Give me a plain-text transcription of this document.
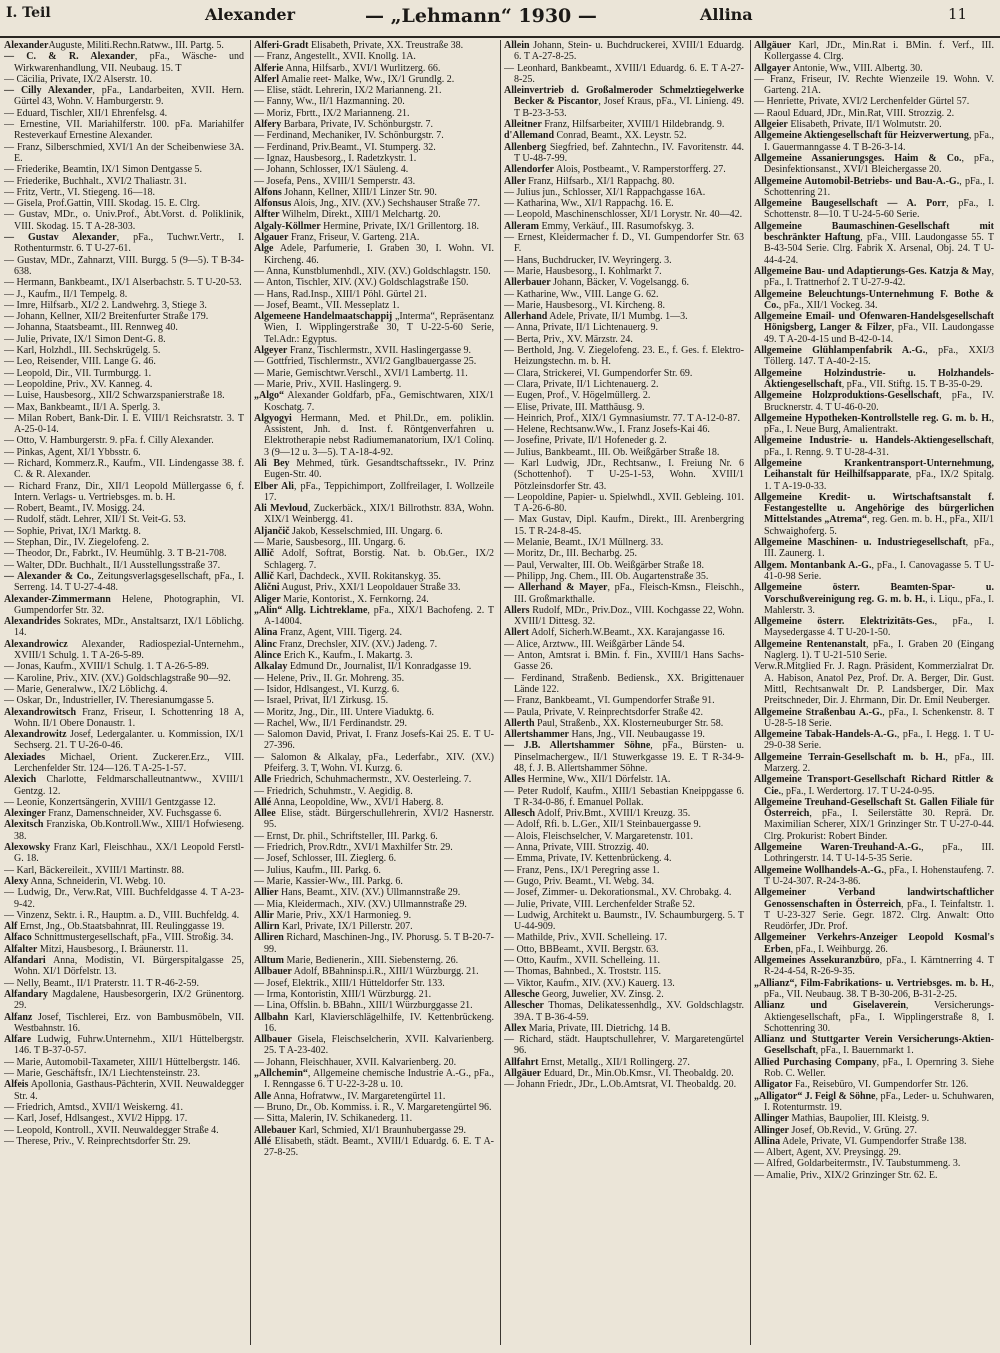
I. Teil	Alexander	— „Lehmann“ 1930 —	Allina	11

AlexanderAuguste, Militi.Rechn.Ratww., III. Partg. 5.

— C. & R. Alexander, pFa., Wäsche- und Wirkwarenhandlung, VII. Neubaug. 15. T

— Cäcilia, Private, IX/2 Alserstr. 10.

— Cilly Alexander, pFa., Landarbeiten, XVII. Hern. Gürtel 43, Wohn. V. Hamburgerstr. 9.

— Eduard, Tischler, XII/1 Ehrenfelsg. 4.

— Ernestine, VII. Mariahilferstr. 100. pFa. Mariahilfer Resteverkauf Ernestine Alexander.

— Franz, Silberschmied, XVI/1 An der Scheibenwiese 3A. E.

— Friederike, Beamtin, IX/1 Simon Dentgasse 5.

— Friederike, Buchhalt., XVI/2 Thaliastr. 31.

— Fritz, Vertr., VI. Stiegeng. 16—18.

— Gisela, Prof.Gattin, VIII. Skodag. 15. E. Clrg.

— Gustav, MDr., o. Univ.Prof., Abt.Vorst. d. Poliklinik, VIII. Skodag. 15. T A-28-303.

— Gustav Alexander, pFa., Tuchwr.Vertr., I. Rothenturmstr. 6. T U-27-61.

— Gustav, MDr., Zahnarzt, VIII. Burgg. 5 (9—5). T B-34-638.

— Hermann, Bankbeamt., IX/1 Alserbachstr. 5. T U-20-53.

— J., Kaufm., II/1 Tempelg. 8.

— Imre, Hilfsarb., XI/2 2. Landwehrg. 3, Stiege 3.

— Johann, Kellner, XII/2 Breitenfurter Straße 179.

— Johanna, Staatsbeamt., III. Rennweg 40.

— Julie, Private, IX/1 Simon Dent-G. 8.

— Karl, Holzhdl., III. Sechskrügelg. 5.

— Leo, Reisender, VIII. Lange G. 46.

— Leopold, Dir., VII. Turmburgg. 1.

— Leopoldine, Priv., XV. Kanneg. 4.

— Luise, Hausbesorg., XII/2 Schwarzspanierstraße 18.

— Max, Bankbeamt., II/1 A. Sperlg. 3.

— Milan Robert, Bank-Dir. I. E. VIII/1 Reichsratstr. 3. T A-25-0-14.

— Otto, V. Hamburgerstr. 9. pFa. f. Cilly Alexander.

— Pinkas, Agent, XI/1 Ybbsstr. 6.

— Richard, Kommerz.R., Kaufm., VII. Lindengasse 38. f. C. & R. Alexander.

— Richard Franz, Dir., XII/1 Leopold Müllergasse 6, f. Intern. Verlags- u. Vertriebsges. m. b. H.

— Robert, Beamt., IV. Mosigg. 24.

— Rudolf, städt. Lehrer, XII/1 St. Veit-G. 53.

— Sophie, Privat, IX/1 Marktg. 8.

— Stephan, Dir., IV. Ziegelofeng. 2.

— Theodor, Dr., Fabrkt., IV. Heumühlg. 3. T B-21-708.

— Walter, DDr. Buchhalt., II/1 Ausstellungsstraße 37.

— Alexander & Co., Zeitungsverlagsgesellschaft, pFa., I. Serreng. 14. T U-27-4-48.

Alexander-Zimmermann Helene, Photographin, VI. Gumpendorfer Str. 32.

Alexandrides Sokrates, MDr., Anstaltsarzt, IX/1 Löblichg. 14.

Alexandrowicz Alexander, Radiospezial-Unternehm., XVIII/1 Schulg. 1. T A-26-5-89.

— Jonas, Kaufm., XVIII/1 Schulg. 1. T A-26-5-89.

— Karoline, Priv., XIV. (XV.) Goldschlagstraße 90—92.

— Marie, Generalww., IX/2 Löblichg. 4.

— Oskar, Dr., Industrieller, IV. Theresianumgasse 5.

Alexandrowitsch Franz, Friseur, I. Schottenring 18 A, Wohn. II/1 Obere Donaustr. 1.

Alexandrowitz Josef, Ledergalanter. u. Kommission, IX/1 Sechserg. 21. T U-26-0-46.

Alexiades Michael, Orient. Zuckerer.Erz., VIII. Lerchenfelder Str. 124—126. T A-25-1-57.

Alexich Charlotte, Feldmarschalleutnantww., XVIII/1 Gentzg. 12.

— Leonie, Konzertsängerin, XVIII/1 Gentzgasse 12.

Alexinger Franz, Damenschneider, XV. Fuchsgasse 6.

Alexitsch Franziska, Ob.Kontroll.Ww., XIII/1 Hofwieseng. 38.

Alexowsky Franz Karl, Fleischhau., XX/1 Leopold Ferstl-G. 18.

— Karl, Bäckereileit., XVIII/1 Martinstr. 88.

Alexy Anna, Schneiderin, VI. Webg. 10.

— Ludwig, Dr., Verw.Rat, VIII. Buchfeldgasse 4. T A-23-9-42.

— Vinzenz, Sektr. i. R., Hauptm. a. D., VIII. Buchfeldg. 4.

Alf Ernst, Jng., Ob.Staatsbahnrat, III. Reulinggasse 19.

Alfaco Schnittmustergesellschaft, pFa., VIII. Stroßig. 34.

Alfalter Mitzi, Hausbesorg., I. Bräunerstr. 11.

Alfandari Anna, Modistin, VI. Bürgerspitalgasse 25, Wohn. XI/1 Dörfelstr. 13.

— Nelly, Beamt., II/1 Praterstr. 11. T R-46-2-59.

Alfandary Magdalene, Hausbesorgerin, IX/2 Grünentorg. 29.

Alfanz Josef, Tischlerei, Erz. von Bambusmöbeln, VII. Westbahnstr. 16.

Alfare Ludwig, Fuhrw.Unternehm., XII/1 Hüttelbergstr. 146. T B-37-0-57.

— Marie, Automobil-Taxameter, XIII/1 Hüttelbergstr. 146.

— Marie, Geschäftsfr., IX/1 Liechtensteinstr. 23.

Alfeis Apollonia, Gasthaus-Pächterin, XVII. Neuwaldegger Str. 4.

— Friedrich, Amtsd., XVII/1 Weiskerng. 41.

— Karl, Josef, Hdlsangest., XVI/2 Hippg. 17.

— Leopold, Kontroll., XVII. Neuwaldegger Straße 4.

— Therese, Priv., V. Reinprechtsdorfer Str. 29.

Alferi-Gradt Elisabeth, Private, XX. Treustraße 38.

— Franz, Angestellt., XVII. Knollg. 1A.

Alferie Anna, Hilfsarb., XVI/1 Wurlitzerg. 66.

Alferl Amalie reet- Malke, Ww., IX/1 Grundlg. 2.

— Elise, städt. Lehrerin, IX/2 Marianneng. 21.

— Fanny, Ww., II/1 Hazmanning. 20.

— Moriz, Fbrtt., IX/2 Marianneng. 21.

Alfery Barbara, Private, IV. Schönburgstr. 7.

— Ferdinand, Mechaniker, IV. Schönburgstr. 7.

— Ferdinand, Priv.Beamt., VI. Stumperg. 32.

— Ignaz, Hausbesorg., I. Radetzkystr. 1.

— Johann, Schlosser, IX/1 Säuleng. 4.

— Josefa, Pens., XVIII/1 Semperstr. 43.

Alfons Johann, Kellner, XIII/1 Linzer Str. 90.

Alfonsus Alois, Jng., XIV. (XV.) Sechshauser Straße 77.

Alfter Wilhelm, Direkt., XIII/1 Melchartg. 20.

Algaly-Köllmer Hermine, Private, IX/1 Grillentorg. 18.

Algauer Franz, Friseur, V. Garteng. 21A.

Alge Adele, Parfumerie, I. Graben 30, I. Wohn. VI. Kircheng. 46.

— Anna, Kunstblumenhdl., XIV. (XV.) Goldschlagstr. 150.

— Anton, Tischler, XIV. (XV.) Goldschlagstraße 150.

— Hans, Rad.Insp., XIII/1 Pöhl. Gürtel 21.

— Josef, Beamt., VII. Messeplatz 1.

Algemeene Handelmaatschappij „Interma“, Repräsentanz Wien, I. Wipplingerstraße 30, T U-22-5-60 Serie, Tel.Adr.: Egyptus.

Algeyer Franz, Tischlermstr., XVII. Haslingergasse 9.

— Gottfried, Tischlermstr., XVI/2 Ganglbauergasse 25.

— Marie, Gemischtwr.Verschl., XVI/1 Lambertg. 11.

— Marie, Priv., XVII. Haslingerg. 9.

„Algo“ Alexander Goldfarb, pFa., Gemischtwaren, XIX/1 Koschatg. 7.

Algyogyi Hermann, Med. et Phil.Dr., em. poliklin. Assistent, Jnh. d. Inst. f. Röntgenverfahren u. Elektrotherapie nebst Radiumemanatorium, IX/1 Colinq. 3 (9—12 u. 3—5). T A-18-4-92.

Ali Bey Mehmed, türk. Gesandtschaftssekr., IV. Prinz Eugen-Str. 40.

Elber Ali, pFa., Teppichimport, Zollfreilager, I. Wollzeile 17.

Ali Mevloud, Zuckerbäck., XIX/1 Billrothstr. 83A, Wohn. XIX/1 Weinbergg. 41.

Aljančič Jakob, Kesselschmied, III. Ungarg. 6.

— Marie, Sausbesorg., III. Ungarg. 6.

Allič Adolf, Softrat, Borstig. Nat. b. Ob.Ger., IX/2 Schlagerg. 7.

Allič Karl, Dachdeck., XVII. Rokitanskyg. 35.

Alični August, Priv., XXI/1 Leopoldauer Straße 33.

Aliger Marie, Kontorist., X. Fernkorng. 24.

„Alin“ Allg. Lichtreklame, pFa., XIX/1 Bachofeng. 2. T A-14004.

Alina Franz, Agent, VIII. Tigerg. 24.

Alinc Franz, Drechsler, XIV. (XV.) Jadeng. 7.

Alince Erich K., Kaufm., I. Makartg. 3.

Alkalay Edmund Dr., Journalist, II/1 Konradgasse 19.

— Helene, Priv., II. Gr. Mohreng. 35.

— Isidor, Hdlsangest., VI. Kurzg. 6.

— Israel, Privat, II/1 Zirkusg. 15.

— Moritz, Jng., Dir., III. Untere Viaduktg. 6.

— Rachel, Ww., II/1 Ferdinandstr. 29.

— Salomon David, Privat, I. Franz Josefs-Kai 25. E. T U-27-396.

— Salomon & Alkalay, pFa., Lederfabr., XIV. (XV.) Pfeiferg. 3. T, Wohn. VI. Kurzg. 6.

Alle Friedrich, Schuhmachermstr., XV. Oesterleing. 7.

— Friedrich, Schuhmstr., V. Aegidig. 8.

Allé Anna, Leopoldine, Ww., XVI/1 Haberg. 8.

Allee Elise, städt. Bürgerschullehrerin, XVI/2 Hasnerstr. 95.

— Ernst, Dr. phil., Schriftsteller, III. Parkg. 6.

— Friedrich, Prov.Rdtr., XVI/1 Maxhilfer Str. 29.

— Josef, Schlosser, III. Zieglerg. 6.

— Julius, Kaufm., III. Parkg. 6.

— Marie, Kassier-Ww., III. Parkg. 6.

Allier Hans, Beamt., XIV. (XV.) Ullmannstraße 29.

— Mia, Kleidermach., XIV. (XV.) Ullmannstraße 29.

Allir Marie, Priv., XX/1 Harmonieg. 9.

Allirn Karl, Private, IX/1 Pillerstr. 207.

Alliren Richard, Maschinen-Jng., IV. Phorusg. 5. T B-20-7-99.

Alltum Marie, Bedienerin., XIII. Siebensterng. 26.

Allbauer Adolf, BBahninsp.i.R., XIII/1 Würzburgg. 21.

— Josef, Elektrik., XIII/1 Hütteldorfer Str. 133.

— Irma, Kontoristin, XIII/1 Würzburgg. 21.

— Lina, Offslin. b. BBahn., XIII/1 Würzburggasse 21.

Allbahn Karl, Klavierschlägelhilfe, IV. Kettenbrückeng. 16.

Allbauer Gisela, Fleischselcherin, XVII. Kalvarienberg. 25. T A-23-402.

— Johann, Fleischhauer, XVII. Kalvarienberg. 20.

„Allchemin“, Allgemeine chemische Industrie A.-G., pFa., I. Renngasse 6. T U-22-3-28 u. 10.

Alle Anna, Hofratww., IV. Margaretengürtel 11.

— Bruno, Dr., Ob. Kommiss. i. R., V. Margaretengürtel 96.

— Sitta, Malerin, IV. Schikanederg. 11.

Allebauer Karl, Schmied, XI/1 Braunhubergasse 29.

Allé Elisabeth, städt. Beamt., XVIII/1 Eduardg. 6. E. T A-27-8-25.

Allein Johann, Stein- u. Buchdruckerei, XVIII/1 Eduardg. 6. T A-27-8-25.

— Leonhard, Bankbeamt., XVIII/1 Eduardg. 6. E. T A-27-8-25.

Alleinvertrieb d. Großalmeroder Schmelztiegelwerke Becker & Piscantor, Josef Kraus, pFa., VI. Linieng. 49. T B-23-3-53.

Alleitner Franz, Hilfsarbeiter, XVIII/1 Hildebrandg. 9.

d'Allemand Conrad, Beamt., XX. Leystr. 52.

Allenberg Siegfried, bef. Zahntechn., IV. Favoritenstr. 44. T U-48-7-99.

Allendorfer Alois, Postbeamt., V. Ramperstorfferg. 27.

Aller Franz, Hilfsarb., XI/1 Rappachg. 80.

— Julius jun., Schlosser, XI/1 Rappachgasse 16A.

— Katharina, Ww., XI/1 Rappachg. 16. E.

— Leopold, Maschinenschlosser, XI/1 Lorystr. Nr. 40—42.

Alleram Emmy, Verkäuf., III. Rasumofskyg. 3.

— Ernest, Kleidermacher f. D., VI. Gumpendorfer Str. 63 F.

— Hans, Buchdrucker, IV. Weyringerg. 3.

— Marie, Hausbesorg., I. Kohlmarkt 7.

Allerbauer Johann, Bäcker, V. Vogelsangg. 6.

— Katharine, Ww., VIII. Lange G. 62.

— Marie, Hausbesorg., VI. Kircheng. 8.

Allerhand Adele, Private, II/1 Mumbg. 1—3.

— Anna, Private, II/1 Lichtenauerg. 9.

— Berta, Priv., XV. Märzstr. 24.

— Berthold, Jng. V. Ziegelofeng. 23. E., f. Ges. f. Elektro-Heizungstechn. m. b. H.

— Clara, Strickerei, VI. Gumpendorfer Str. 69.

— Clara, Private, II/1 Lichtenauerg. 2.

— Eugen, Prof., V. Högelmüllerg. 2.

— Elise, Private, III. Matthäusg. 9.

— Heinrich, Prof., XIX/1 Gymnasiumstr. 77. T A-12-0-87.

— Helene, Rechtsanw.Ww., I. Franz Josefs-Kai 46.

— Josefine, Private, II/1 Hofeneder g. 2.

— Julius, Bankbeamt., III. Ob. Weißgärber Straße 18.

— Karl Ludwig, JDr., Rechtsanw., I. Freiung Nr. 6 (Schottenhof). T U-25-1-53, Wohn. XVIII/1 Pötzleinsdorfer Str. 43.

— Leopoldine, Papier- u. Spielwhdl., XVII. Gebleing. 101. T A-26-6-80.

— Max Gustav, Dipl. Kaufm., Direkt., III. Arenbergring 15. T R-24-8-45.

— Melanie, Beamt., IX/1 Müllnerg. 33.

— Moritz, Dr., III. Becharbg. 25.

— Paul, Verwalter, III. Ob. Weißgärber Straße 18.

— Philipp, Jng. Chem., III. Ob. Augartenstraße 35.

— Allerhand & Mayer, pFa., Fleisch-Kmsn., Fleischh., III. Großmarkthalle.

Allers Rudolf, MDr., Priv.Doz., VIII. Kochgasse 22, Wohn. XVIII/1 Dittesg. 32.

Allert Adolf, Sicherh.W.Beamt., XX. Karajangasse 16.

— Alice, Arztww., III. Weißgärber Lände 54.

— Anton, Amtsrat i. BMin. f. Fin., XVIII/1 Hans Sachs-Gasse 26.

— Ferdinand, Straßenb. Bediensk., XX. Brigittenauer Lände 122.

— Franz, Bankbeamt., VI. Gumpendorfer Straße 91.

— Paula, Private, V. Reinprechtsdorfer Straße 42.

Allerth Paul, Straßenb., XX. Klosterneuburger Str. 58.

Allertshammer Hans, Jng., VII. Neubaugasse 19.

— J.B. Allertshammer Söhne, pFa., Bürsten- u. Pinselmachergew., II/1 Stuwerkgasse 19. E. T R-34-9-48, f. J. B. Allertshammer Söhne.

Alles Hermine, Ww., XII/1 Dörfelstr. 1A.

— Peter Rudolf, Kaufm., XIII/1 Sebastian Kneippgasse 6. T R-34-0-86, f. Emanuel Pollak.

Allesch Adolf, Priv.Bmt., XVIII/1 Kreuzg. 35.

— Adolf, Rfi. b. L.Ger., XII/1 Steinbauergasse 9.

— Alois, Fleischselcher, V. Margaretenstr. 101.

— Anna, Private, VIII. Strozzig. 40.

— Emma, Private, IV. Kettenbrückeng. 4.

— Franz, Pens., IX/1 Peregring asse 1.

— Gugo, Priv. Beamt., VI. Webg. 34.

— Josef, Zimmer- u. Dekorationsmal., XV. Chrobakg. 4.

— Julie, Private, VIII. Lerchenfelder Straße 52.

— Ludwig, Architekt u. Baumstr., IV. Schaumburgerg. 5. T U-44-909.

— Mathilde, Priv., XVII. Schelleing. 17.

— Otto, BBBeamt., XVII. Bergstr. 63.

— Otto, Kaufm., XVII. Schelleing. 11.

— Thomas, Bahnbed., X. Troststr. 115.

— Viktor, Kaufm., XIV. (XV.) Kauerg. 13.

Allesche Georg, Juwelier, XV. Zinsg. 2.

Allescher Thomas, Delikatessenhdlg., XV. Goldschlagstr. 39A. T B-36-4-59.

Allex Maria, Private, III. Dietrichg. 14 B.

— Richard, städt. Hauptschullehrer, V. Margaretengürtel 96.

Allfahrt Ernst, Metallg., XII/1 Rollingerg. 27.

Allgäuer Eduard, Dr., Min.Ob.Kmsr., VI. Theobaldg. 20.

— Johann Friedr., JDr., L.Ob.Amtsrat, VI. Theobaldg. 20.

Allgäuer Karl, JDr., Min.Rat i. BMin. f. Verf., III. Kollergasse 4. Clrg.

Allgayer Antonie, Ww., VIII. Albertg. 30.

— Franz, Friseur, IV. Rechte Wienzeile 19. Wohn. V. Garteng. 21A.

— Henriette, Private, XVI/2 Lerchenfelder Gürtel 57.

— Raoul Eduard, JDr., Min.Rat, VIII. Strozzig. 2.

Allgeier Elisabeth, Private, II/1 Wolmutstr. 20.

Allgemeine Aktiengesellschaft für Heizverwertung, pFa., I. Gauermanngasse 4. T B-26-3-14.

Allgemeine Assanierungsges. Haim & Co., pFa., Desinfektionsanst., XVI/1 Bleichergasse 20.

Allgemeine Automobil-Betriebs- und Bau-A.-G., pFa., I. Schottenring 21.

Allgemeine Baugesellschaft — A. Porr, pFa., I. Schottenstr. 8—10. T U-24-5-60 Serie.

Allgemeine Baumaschinen-Gesellschaft mit beschränkter Haftung, pFa., VIII. Laudongasse 55. T B-43-504 Serie. Clrg. Fabrik X. Arsenal, Obj. 24. T U-44-4-24.

Allgemeine Bau- und Adaptierungs-Ges. Katzja & May, pFa., I. Trattnerhof 2. T U-27-9-42.

Allgemeine Beleuchtungs-Unternehmung F. Bothe & Co., pFa., XII/1 Vockeg. 34.

Allgemeine Email- und Ofenwaren-Handelsgesellschaft Hönigsberg, Langer & Filzer, pFa., VII. Laudongasse 49. T A-20-4-15 und B-42-0-14.

Allgemeine Glühlampenfabrik A.-G., pFa., XXI/3 Töllerg. 147. T A-40-2-15.

Allgemeine Holzindustrie- u. Holzhandels-Aktiengesellschaft, pFa., VII. Stiftg. 15. T B-35-0-29.

Allgemeine Holzproduktions-Gesellschaft, pFa., IV. Brucknerstr. 4. T U-46-0-20.

Allgemeine Hypotheken-Kontrollstelle reg. G. m. b. H., pFa., I. Neue Burg, Amalientrakt.

Allgemeine Industrie- u. Handels-Aktiengesellschaft, pFa., I. Renng. 9. T U-28-4-31.

Allgemeine Krankentransport-Unternehmung, Leihanstalt für Heilhilfsapparate, pFa., IX/2 Spitalg. 1. T A-19-0-33.

Allgemeine Kredit- u. Wirtschaftsanstalt f. Festangestellte u. Angehörige des bürgerlichen Mittelstandes „Atrema“, reg. Gen. m. b. H., pFa., XII/1 Schwaighoferg. 5.

Allgemeine Maschinen- u. Industriegesellschaft, pFa., III. Zaunerg. 1.

Allgem. Montanbank A.-G., pFa., I. Canovagasse 5. T U-41-0-98 Serie.

Allgemeine österr. Beamten-Spar- u. Vorschußvereinigung reg. G. m. b. H., i. Liqu., pFa., I. Mahlerstr. 3.

Allgemeine österr. Elektrizitäts-Ges., pFa., I. Maysedergasse 4. T U-20-1-50.

Allgemeine Rentenanstalt, pFa., I. Graben 20 (Eingang Naglerg. 1). T U-21-510 Serie.

Verw.R.Mitglied Fr. J. Ragn. Präsident, Kommerzialrat Dr. A. Habison, Anatol Pez, Prof. Dr. A. Berger, Dir. Gust. Mittl, Rechtsanwalt Dr. P. Landsberger, Dir. Max Preitschneder, Dir. J. Ehrmann, Dir. Dr. Emil Neuberger.

Allgemeine Straßenbau A.-G., pFa., I. Schenkenstr. 8. T U-28-5-18 Serie.

Allgemeine Tabak-Handels-A.-G., pFa., I. Hegg. 1. T U-29-0-38 Serie.

Allgemeine Terrain-Gesellschaft m. b. H., pFa., III. Marzerg. 2.

Allgemeine Transport-Gesellschaft Richard Rittler & Cie., pFa., I. Werdertorg. 17. T U-24-0-95.

Allgemeine Treuhand-Gesellschaft St. Gallen Filiale für Österreich, pFa., I. Seilerstätte 30. Reprä. Dr. Maximilian Scherer, XIX/1 Grinzinger Str. T U-27-0-44. Clrg. Prokurist: Robert Binder.

Allgemeine Waren-Treuhand-A.-G., pFa., III. Lothringerstr. 14. T U-14-5-35 Serie.

Allgemeine Wollhandels-A.-G., pFa., I. Hohenstaufeng. 7. T U-24-307. R-24-3-86.

Allgemeiner Verband landwirtschaftlicher Genossenschaften in Österreich, pFa., I. Teinfaltstr. 1. T U-23-327 Serie. Gegr. 1872. Clrg. Anwalt: Otto Reudörfer, JDr. Prof.

Allgemeiner Verkehrs-Anzeiger Leopold Kosmal's Erben, pFa., I. Weihburgg. 26.

Allgemeines Assekuranzbüro, pFa., I. Kärntnerring 4. T R-24-4-54, R-26-9-35.

„Allianz“, Film-Fabrikations- u. Vertriebsges. m. b. H., pFa., VII. Neubaug. 38. T B-30-206, B-31-2-25.

Allianz und Giselaverein, Versicherungs-Aktiengesellschaft, pFa., I. Wipplingerstraße 8, I. Schottenring 30.

Allianz und Stuttgarter Verein Versicherungs-Aktien-Gesellschaft, pFa., I. Bauernmarkt 1.

Allied Purchasing Company, pFa., I. Opernring 3. Siehe Rob. C. Weller.

Alligator Fa., Reisebüro, VI. Gumpendorfer Str. 126.

„Alligator“ J. Feigl & Söhne, pFa., Leder- u. Schuhwaren, I. Rotenturmstr. 19.

Allinger Mathias, Baupolier, III. Kleistg. 9.

Allinger Josef, Ob.Revid., V. Grüng. 27.

Allina Adele, Private, VI. Gumpendorfer Straße 138.

— Albert, Agent, XV. Preysingg. 29.

— Alfred, Goldarbeitermstr., IV. Taubstummeng. 3.

— Amalie, Priv., XIX/2 Grinzinger Str. 62. E.
